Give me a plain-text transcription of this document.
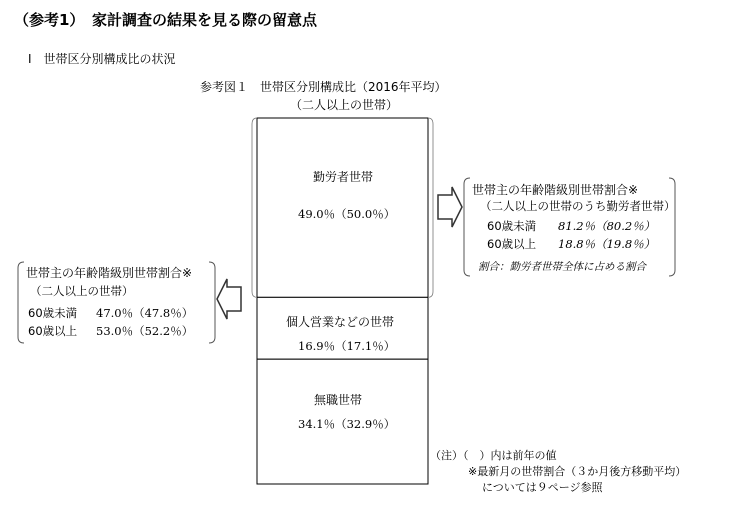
（参考1）　家計調査の結果を見る際の留意点
Ⅰ　世帯区分別構成比の状況
参考図１　世帯区分別構成比（2016年平均）
（二人以上の世帯）
勤労者世帯
49.0％（50.0％）
個人営業などの世帯
16.9％（17.1％）
無職世帯
34.1％（32.9％）
世帯主の年齢階級別世帯割合※
（二人以上の世帯のうち勤労者世帯）
60歳未満 81.2％（80.2％）
60歳以上 18.8％（19.8％）
割合：勤労者世帯全体に占める割合
世帯主の年齢階級別世帯割合※
（二人以上の世帯）
60歳未満 47.0％（47.8％）
60歳以上 53.0％（52.2％）
（注）（　）内は前年の値
※最新月の世帯割合（３か月後方移動平均）
については９ページ参照
